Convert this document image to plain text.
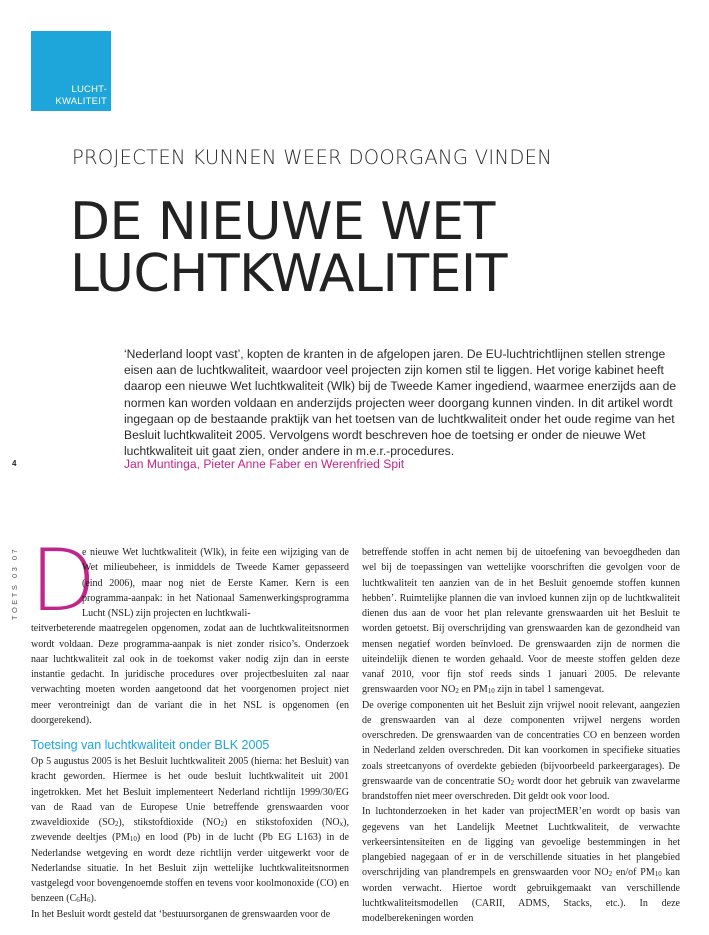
LUCHT-
KWALITEIT
PROJECTEN KUNNEN WEER DOORGANG VINDEN
DE NIEUWE WET
LUCHTKWALITEIT
‘Nederland loopt vast’, kopten de kranten in de afgelopen jaren. De EU-luchtrichtlijnen stellen strenge eisen aan de luchtkwaliteit, waardoor veel projecten zijn komen stil te liggen. Het vorige kabinet heeft daarop een nieuwe Wet luchtkwaliteit (Wlk) bij de Tweede Kamer ingediend, waarmee enerzijds aan de normen kan worden voldaan en anderzijds projecten weer doorgang kunnen vinden. In dit artikel wordt ingegaan op de bestaande praktijk van het toetsen van de luchtkwaliteit onder het oude regime van het Besluit luchtkwaliteit 2005. Vervolgens wordt beschreven hoe de toetsing er onder de nieuwe Wet luchtkwaliteit uit gaat zien, onder andere in m.e.r.-procedures.
Jan Muntinga, Pieter Anne Faber en Werenfried Spit
4
TOETS 03 07 D

e nieuwe Wet luchtkwaliteit (Wlk), in feite een wijziging van de Wet milieubeheer, is inmiddels de Tweede Kamer gepasseerd (eind 2006), maar nog niet de Eerste Kamer. Kern is een programma-aanpak: in het Nationaal Samenwerkingsprogramma Lucht (NSL) zijn projecten en luchtkwali-

teitverbeterende maatregelen opgenomen, zodat aan de luchtkwaliteitsnormen wordt voldaan. Deze programma-aanpak is niet zonder risico’s. Onderzoek naar luchtkwaliteit zal ook in de toekomst vaker nodig zijn dan in eerste instantie gedacht. In juridische procedures over projectbesluiten zal naar verwachting moeten worden aangetoond dat het voorgenomen project niet meer verontreinigt dan de variant die in het NSL is opgenomen (en doorgerekend).

Toetsing van luchtkwaliteit onder BLK 2005

Op 5 augustus 2005 is het Besluit luchtkwaliteit 2005 (hierna: het Besluit) van kracht geworden. Hiermee is het oude besluit luchtkwaliteit uit 2001 ingetrokken. Met het Besluit implementeert Nederland richtlijn 1999/30/EG van de Raad van de Europese Unie betreffende grenswaarden voor zwaveldioxide $(SO_2)$, stikstofdioxide $(NO_2)$ en stikstofoxiden $(NO_x)$, zwevende deeltjes $(PM_{10})$ en lood (Pb) in de lucht (Pb EG L163) in de Nederlandse wetgeving en wordt deze richtlijn verder uitgewerkt voor de Nederlandse situatie. In het Besluit zijn wettelijke luchtkwaliteitsnormen vastgelegd voor bovengenoemde stoffen en tevens voor koolmonoxide (CO) en benzeen $(C_6H_6)$.

In het Besluit wordt gesteld dat ‘bestuursorganen de grenswaarden voor de

betreffende stoffen in acht nemen bij de uitoefening van bevoegdheden dan wel bij de toepassingen van wettelijke voorschriften die gevolgen voor de luchtkwaliteit ten aanzien van de in het Besluit genoemde stoffen kunnen hebben’. Ruimtelijke plannen die van invloed kunnen zijn op de luchtkwaliteit dienen dus aan de voor het plan relevante grenswaarden uit het Besluit te worden getoetst. Bij overschrijding van grenswaarden kan de gezondheid van mensen negatief worden beïnvloed. De grenswaarden zijn de normen die uiteindelijk dienen te worden gehaald. Voor de meeste stoffen gelden deze vanaf 2010, voor fijn stof reeds sinds 1 januari 2005. De relevante grenswaarden voor $NO_2$ en $PM_{10}$ zijn in tabel 1 samengevat.

De overige componenten uit het Besluit zijn vrijwel nooit relevant, aangezien de grenswaarden van al deze componenten vrijwel nergens worden overschreden. De grenswaarden van de concentraties CO en benzeen worden in Nederland zelden overschreden. Dit kan voorkomen in specifieke situaties zoals streetcanyons of overdekte gebieden (bijvoorbeeld parkeergarages). De grenswaarde van de concentratie $SO_2$ wordt door het gebruik van zwavelarme brandstoffen niet meer overschreden. Dit geldt ook voor lood.

In luchtonderzoeken in het kader van projectMER’en wordt op basis van gegevens van het Landelijk Meetnet Luchtkwaliteit, de verwachte verkeersintensiteiten en de ligging van gevoelige bestemmingen in het plangebied nagegaan of er in de verschillende situaties in het plangebied overschrijding van plandrempels en grenswaarden voor $NO_2$ en/of $PM_{10}$ kan worden verwacht. Hiertoe wordt gebruikgemaakt van verschillende luchtkwaliteitsmodellen (CARII, ADMS, Stacks, etc.). In deze modelberekeningen worden
